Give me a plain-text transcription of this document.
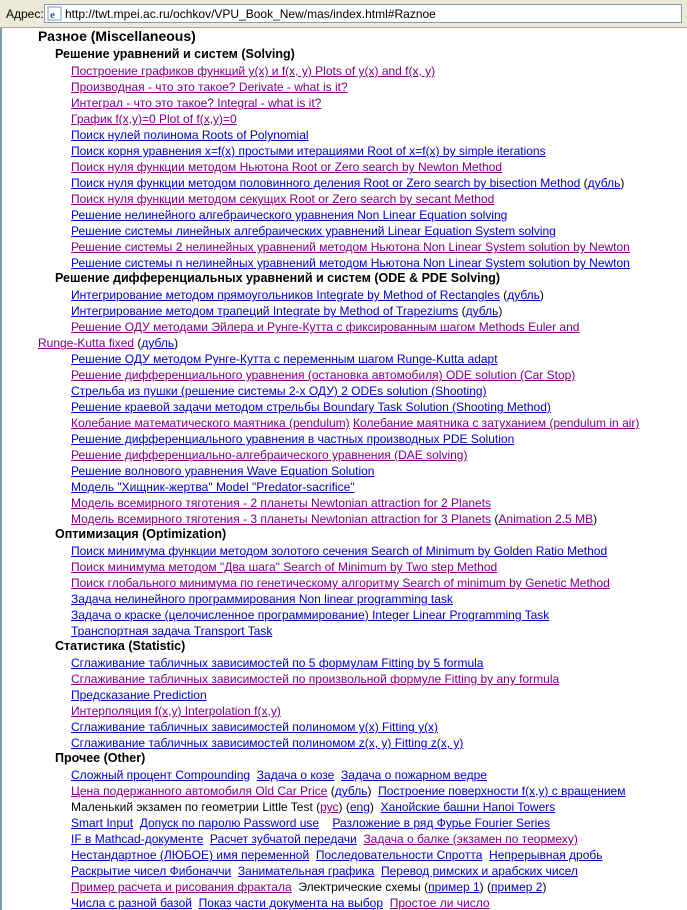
Адрес: e http://twt.mpei.ac.ru/ochkov/VPU_Book_New/mas/index.html#Raznoe
Разное (Miscellaneous)
Решение уравнений и систем (Solving)
Построение графиков функций y(x) и f(x, y) Plots of y(x) and f(x, y)
Производная - что это такое? Derivate - what is it?
Интеграл - что это такое? Integral - what is it?
График f(x,y)=0 Plot of f(x,y)=0
Поиск нулей полинома Roots of Polynomial
Поиск корня уравнения x=f(x) простыми итерациями Root of x=f(x) by simple iterations
Поиск нуля функции методом Ньютона Root or Zero search by Newton Method
Поиск нуля функции методом половинного деления Root or Zero search by bisection Method (дубль)
Поиск нуля функции методом секущих Root or Zero search by secant Method
Решение нелинейного алгебраического уравнения Non Linear Equation solving
Решение системы линейных алгебраических уравнений Linear Equation System solving
Решение системы 2 нелинейных уравнений методом Ньютона Non Linear System solution by Newton
Решение системы n нелинейных уравнений методом Ньютона Non Linear System solution by Newton
Решение дифференциальных уравнений и систем (ODE & PDE Solving)
Интегрирование методом прямоугольников Integrate by Method of Rectangles (дубль)
Интегрирование методом трапеций Integrate by Method of Trapeziums (дубль)
Решение ОДУ методами Эйлера и Рунге-Кутта с фиксированным шагом Methods Euler and
Runge-Kutta fixed (дубль)
Решение ОДУ методом Рунге-Кутта с переменным шагом Runge-Kutta adapt
Решение дифференциального уравнения (остановка автомобиля) ODE solution (Car Stop)
Стрельба из пушки (решение системы 2-х ОДУ) 2 ODEs solution (Shooting)
Решение краевой задачи методом стрельбы Boundary Task Solution (Shooting Method)
Колебание математического маятника (pendulum) Колебание маятника с затуханием (pendulum in air)
Решение дифференциального уравнения в частных производных PDE Solution
Решение дифференциально-алгебраического уравнения (DAE solving)
Решение волнового уравнения Wave Equation Solution
Модель "Хищник-жертва" Model "Predator-sacrifice"
Модель всемирного тяготения - 2 планеты Newtonian attraction for 2 Planets
Модель всемирного тяготения - 3 планеты Newtonian attraction for 3 Planets (Animation 2.5 MB)
Оптимизация (Optimization)
Поиск минимума функции методом золотого сечения Search of Minimum by Golden Ratio Method
Поиск минимума методом "Два шага" Search of Minimum by Two step Method
Поиск глобального минимума по генетическому алгоритму Search of minimum by Genetic Method
Задача нелинейного программирования Non linear programming task
Задача о краске (целочисленное программирование) Integer Linear Programming Task
Транспортная задача Transport Task
Статистика (Statistic)
Сглаживание табличных зависимостей по 5 формулам Fitting by 5 formula
Сглаживание табличных зависимостей по произвольной формуле Fitting by any formula
Предсказание Prediction
Интерполяция f(x,y) Interpolation f(x,y)
Сглаживание табличных зависимостей полиномом y(x) Fitting y(x)
Сглаживание табличных зависимостей полиномом z(x, y) Fitting z(x, y)
Прочее (Other)
Сложный процент Compounding Задача о козе Задача о пожарном ведре
Цена подержанного автомобиля Old Car Price (дубль)  Построение поверхности f(x,y) с вращением
Маленький экзамен по геометрии Little Test (рус) (eng)  Ханойские башни Hanoi Towers
Smart Input Допуск по паролю Password use Разложение в ряд Фурье Fourier Series
IF в Mathcad-документе Расчет зубчатой передачи Задача о балке (экзамен по теормеху)
Нестандартное (ЛЮБОЕ) имя переменной Последовательности Спротта Непрерывная дробь
Раскрытие чисел Фибоначчи Занимательная графика Перевод римских и арабских чисел
Пример расчета и рисования фрактала Электрические схемы (пример 1) (пример 2)
Числа с разной базой Показ части документа на выбор Простое ли число
